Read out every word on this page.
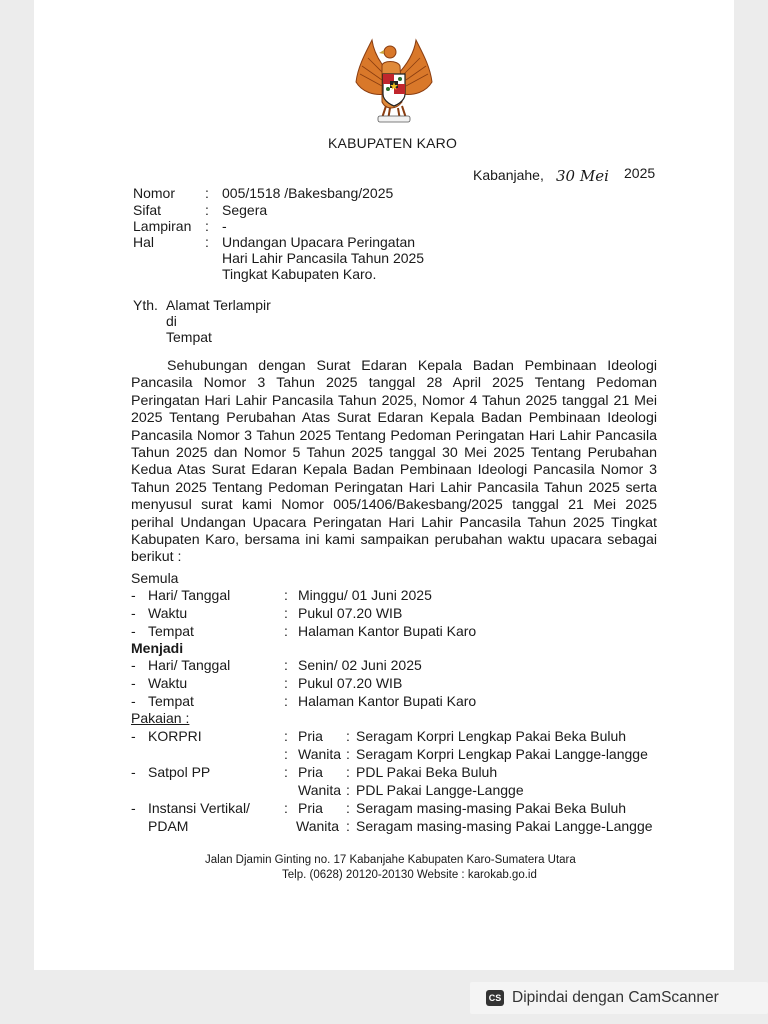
KABUPATEN KARO
Kabanjahe, 30 Mei 2025
Nomor : 005/1518 /Bakesbang/2025
Sifat	: Segera
Lampiran : -
Hal	: Undangan Upacara Peringatan
Hari Lahir Pancasila Tahun 2025
Tingkat Kabupaten Karo.
Yth. Alamat Terlampir
di
Tempat
Sehubungan dengan Surat Edaran Kepala Badan Pembinaan Ideologi
Pancasila Nomor 3 Tahun 2025 tanggal 28 April 2025 Tentang Pedoman
Peringatan Hari Lahir Pancasila Tahun 2025, Nomor 4 Tahun 2025 tanggal 21 Mei
2025 Tentang Perubahan Atas Surat Edaran Kepala Badan Pembinaan Ideologi
Pancasila Nomor 3 Tahun 2025 Tentang Pedoman Peringatan Hari Lahir Pancasila
Tahun 2025 dan Nomor 5 Tahun 2025 tanggal 30 Mei 2025 Tentang Perubahan
Kedua Atas Surat Edaran Kepala Badan Pembinaan Ideologi Pancasila Nomor 3
Tahun 2025 Tentang Pedoman Peringatan Hari Lahir Pancasila Tahun 2025 serta
menyusul surat kami Nomor 005/1406/Bakesbang/2025 tanggal 21 Mei 2025
perihal Undangan Upacara Peringatan Hari Lahir Pancasila Tahun 2025 Tingkat
Kabupaten Karo, bersama ini kami sampaikan perubahan waktu upacara sebagai
berikut :
Semula
- Hari/ Tanggal	: Minggu/ 01 Juni 2025
- Waktu	: Pukul 07.20 WIB
- Tempat	: Halaman Kantor Bupati Karo
Menjadi
- Hari/ Tanggal	: Senin/ 02 Juni 2025
- Waktu	: Pukul 07.20 WIB
- Tempat	: Halaman Kantor Bupati Karo
Pakaian :
- KORPRI	: Pria : Seragam Korpri Lengkap Pakai Beka Buluh
: Wanita : Seragam Korpri Lengkap Pakai Langge-langge
- Satpol PP	: Pria : PDL Pakai Beka Buluh
Wanita : PDL Pakai Langge-Langge
- Instansi Vertikal/ : Pria : Seragam masing-masing Pakai Beka Buluh
PDAM	Wanita : Seragam masing-masing Pakai Langge-Langge
Jalan Djamin Ginting no. 17 Kabanjahe Kabupaten Karo-Sumatera Utara
Telp. (0628) 20120-20130 Website : karokab.go.id
CS Dipindai dengan CamScanner
